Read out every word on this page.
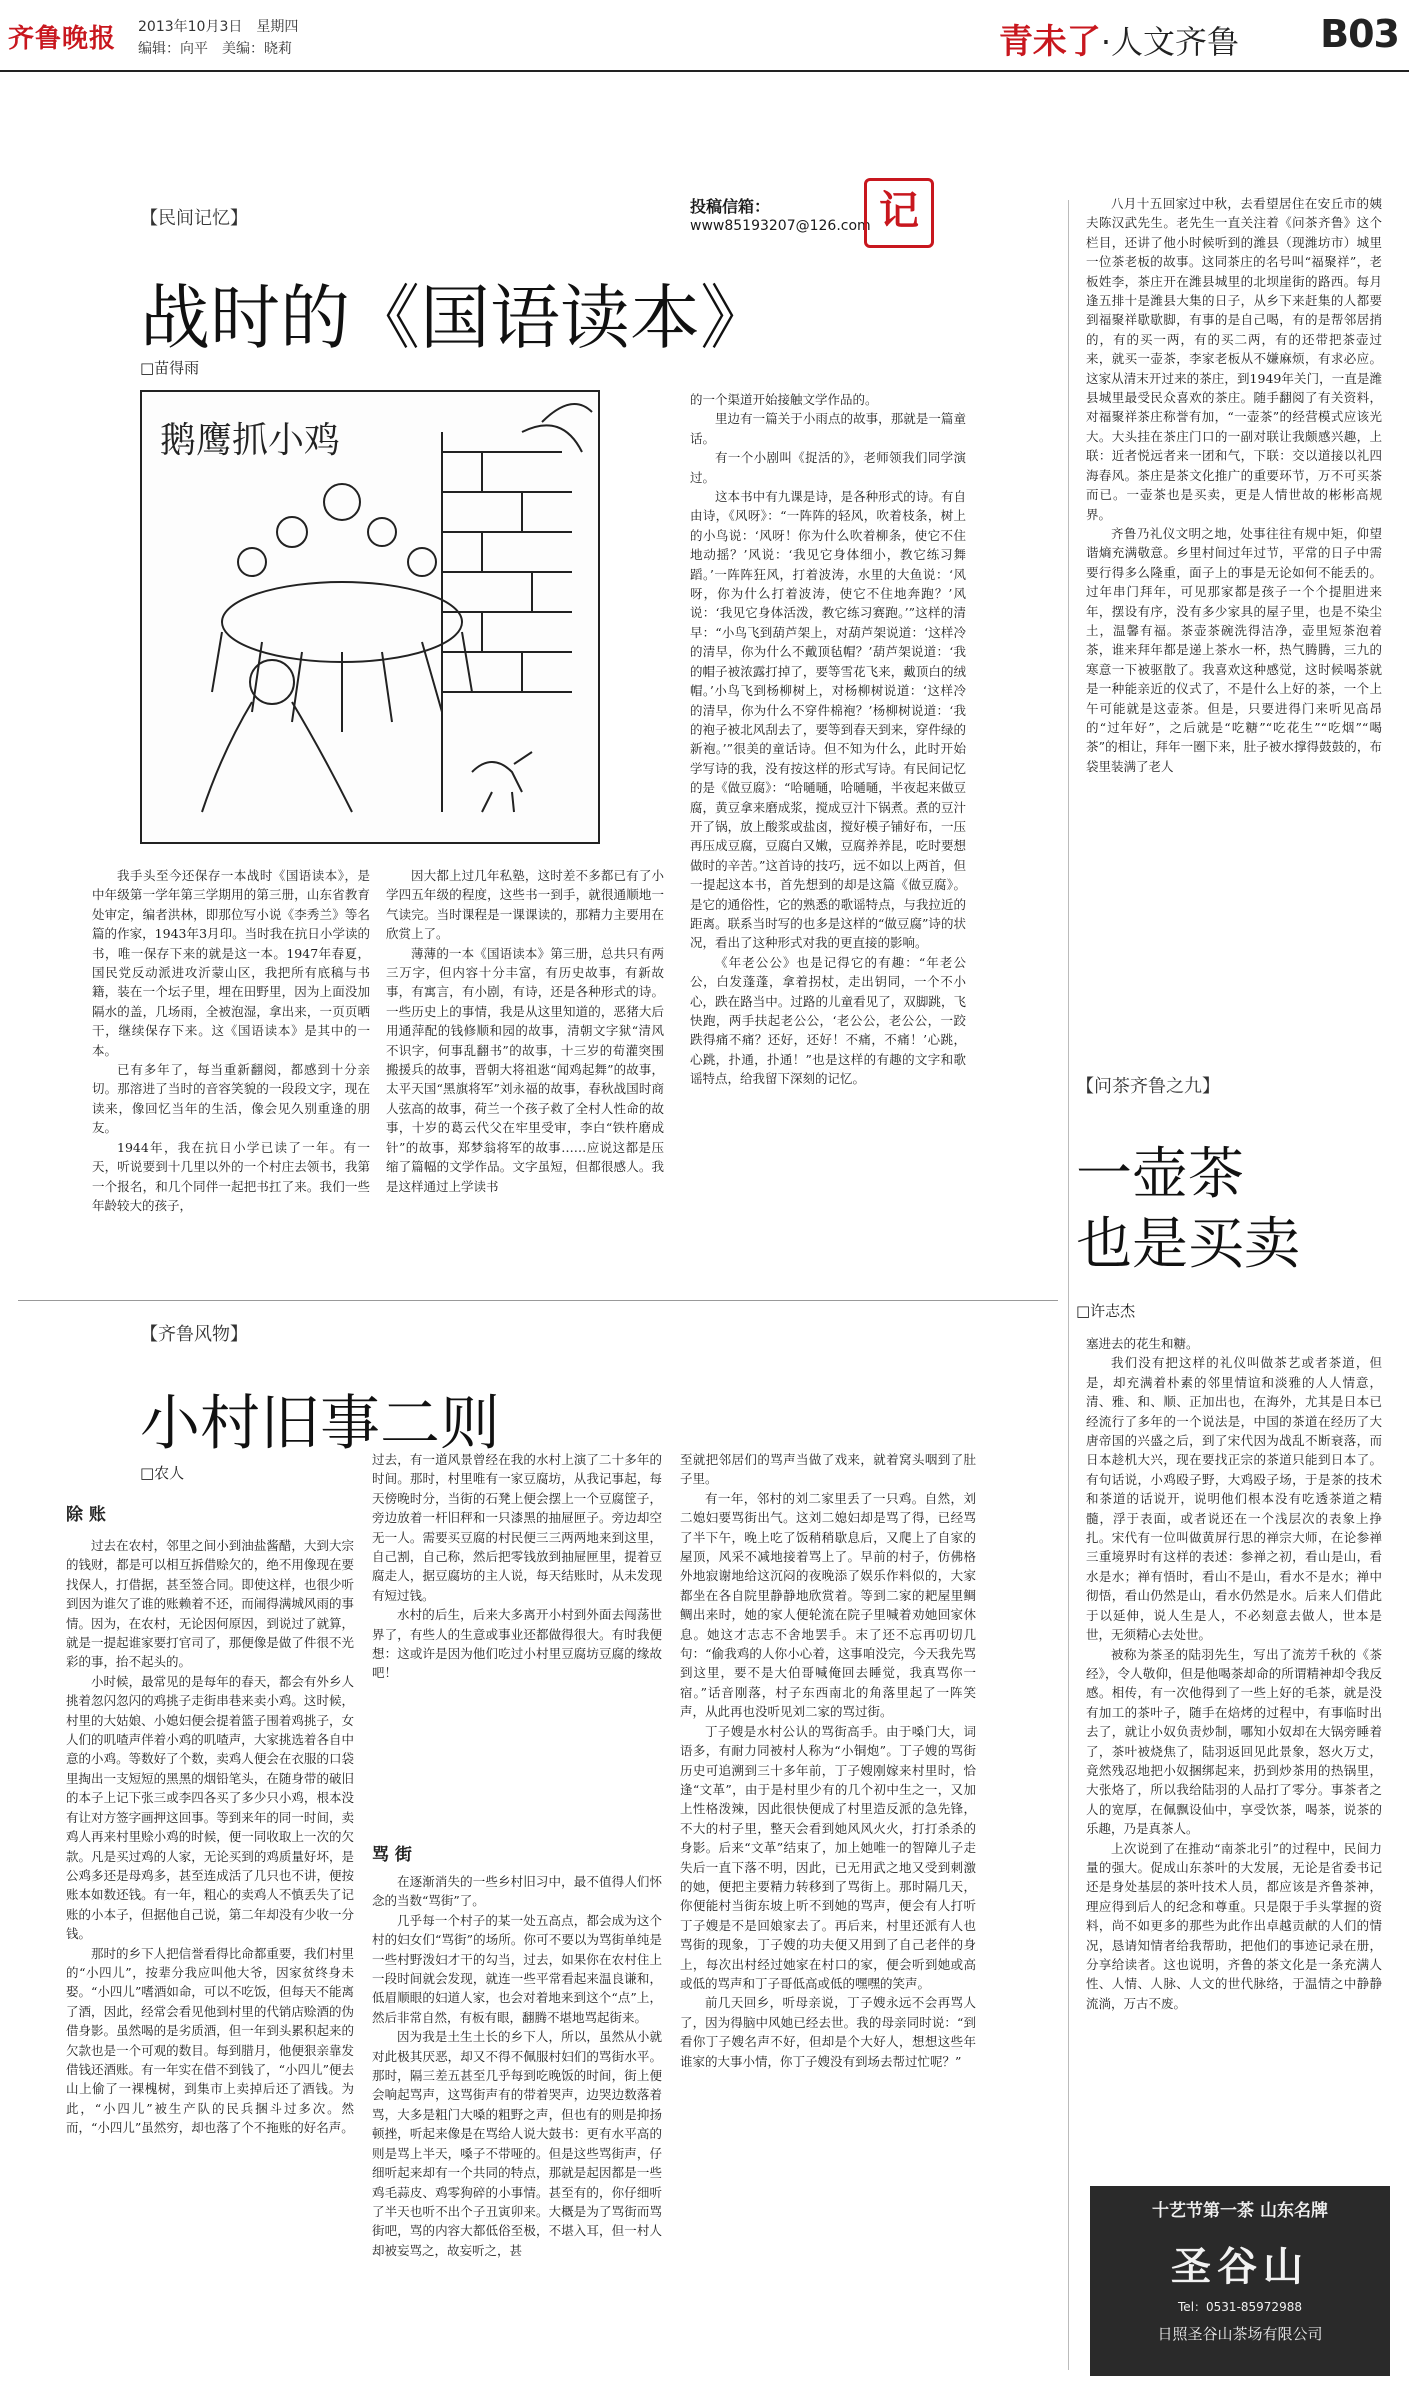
齐鲁晚报 2013年10月3日　星期四
编辑：向平　美编：晓莉	青未了·人文齐鲁 B03
【民间记忆】
战时的《国语读本》
□苗得雨
投稿信箱：
www85193207@126.com 记
鹅鹰抓小鸡

我手头至今还保存一本战时《国语读本》，是中年级第一学年第三学期用的第三册，山东省教育处审定，编者洪林，即那位写小说《李秀兰》等名篇的作家，1943年3月印。当时我在抗日小学读的书，唯一保存下来的就是这一本。1947年春夏，国民党反动派进攻沂蒙山区，我把所有底稿与书籍，装在一个坛子里，埋在田野里，因为上面没加隔水的盖，几场雨，全被泡湿，拿出来，一页页晒干，继续保存下来。这《国语读本》是其中的一本。

已有多年了，每当重新翻阅，都感到十分亲切。那溶进了当时的音容笑貌的一段段文字，现在读来，像回忆当年的生活，像会见久别重逢的朋友。

1944年，我在抗日小学已读了一年。有一天，听说要到十几里以外的一个村庄去领书，我第一个报名，和几个同伴一起把书扛了来。我们一些年龄较大的孩子，

因大都上过几年私塾，这时差不多都已有了小学四五年级的程度，这些书一到手，就很通顺地一气读完。当时课程是一课课读的，那精力主要用在欣赏上了。

薄薄的一本《国语读本》第三册，总共只有两三万字，但内容十分丰富，有历史故事，有新故事，有寓言，有小剧，有诗，还是各种形式的诗。一些历史上的事情，我是从这里知道的，恶猪大后用通萍配的钱修顺和园的故事，清朝文字狱“清风不识字，何事乱翻书”的故事，十三岁的荀灌突围搬援兵的故事，晋朝大将祖逖“闻鸡起舞”的故事，太平天国“黑旗将军”刘永福的故事，春秋战国时商人弦高的故事，荷兰一个孩子救了全村人性命的故事，十岁的葛云代父在牢里受审，李白“铁杵磨成针”的故事，郑梦翁将军的故事……应说这都是压缩了篇幅的文学作品。文字虽短，但都很感人。我是这样通过上学读书

的一个渠道开始接触文学作品的。

里边有一篇关于小雨点的故事，那就是一篇童话。

有一个小剧叫《捉活的》，老师领我们同学演过。

这本书中有九课是诗，是各种形式的诗。有自由诗，《风呀》：“一阵阵的轻风，吹着枝条，树上的小鸟说：‘风呀！你为什么吹着柳条，使它不住地动摇？’风说：‘我见它身体细小，教它练习舞蹈。’一阵阵狂风，打着波涛，水里的大鱼说：‘风呀，你为什么打着波涛，使它不住地奔跑？’风说：‘我见它身体活泼，教它练习赛跑。’”这样的清早：“小鸟飞到葫芦架上，对葫芦架说道：‘这样冷的清早，你为什么不戴顶毡帽？’葫芦架说道：‘我的帽子被浓露打掉了，要等雪花飞来，戴顶白的绒帽。’小鸟飞到杨柳树上，对杨柳树说道：‘这样冷的清早，你为什么不穿件棉袍？’杨柳树说道：‘我的袍子被北风刮去了，要等到春天到来，穿件绿的新袍。’”很美的童话诗。但不知为什么，此时开始学写诗的我，没有按这样的形式写诗。有民间记忆的是《做豆腐》：“哈嗵嗵，哈嗵嗵，半夜起来做豆腐，黄豆拿来磨成浆，搅成豆汁下锅煮。煮的豆汁开了锅，放上酸浆或盐卤，搅好模子铺好布，一压再压成豆腐，豆腐白又嫩，豆腐养养昆，吃时要想做时的辛苦。”这首诗的技巧，远不如以上两首，但一提起这本书，首先想到的却是这篇《做豆腐》。是它的通俗性，它的熟悉的歌谣特点，与我拉近的距离。联系当时写的也多是这样的“做豆腐”诗的状况，看出了这种形式对我的更直接的影响。

《年老公公》也是记得它的有趣：“年老公公，白发蓬蓬，拿着拐杖，走出钥同，一个不小心，跌在路当中。过路的儿童看见了，双脚跳，飞快跑，两手扶起老公公，‘老公公，老公公，一跤跌得痛不痛？还好，还好！不痛，不痛！’心跳，心跳，扑通，扑通！”也是这样的有趣的文字和歌谣特点，给我留下深刻的记忆。

【齐鲁风物】
小村旧事二则
□农人
除 账
骂 街

过去在农村，邻里之间小到油盐酱醋，大到大宗的钱财，都是可以相互拆借赊欠的，绝不用像现在要找保人，打借据，甚至签合同。即使这样，也很少听到因为谁欠了谁的账赖着不还，而闹得满城风雨的事情。因为，在农村，无论因何原因，到说过了就算，就是一提起谁家要打官司了，那便像是做了件很不光彩的事，抬不起头的。

小时候，最常见的是每年的春天，都会有外乡人挑着忽闪忽闪的鸡挑子走街串巷来卖小鸡。这时候，村里的大姑娘、小媳妇便会提着篮子围着鸡挑子，女人们的叽喳声伴着小鸡的叽喳声，大家挑选着各自中意的小鸡。等数好了个数，卖鸡人便会在衣服的口袋里掏出一支短短的黑黑的烟铅笔头，在随身带的破旧的本子上记下张三或李四各买了多少只小鸡，根本没有让对方签字画押这回事。等到来年的同一时间，卖鸡人再来村里赊小鸡的时候，便一同收取上一次的欠款。凡是买过鸡的人家，无论买到的鸡质量好坏，是公鸡多还是母鸡多，甚至连成活了几只也不讲，便按账本如数还钱。有一年，粗心的卖鸡人不慎丢失了记账的小本子，但据他自己说，第二年却没有少收一分钱。

那时的乡下人把信誉看得比命都重要，我们村里的“小四儿”，按辈分我应叫他大爷，因家贫终身未娶。“小四儿”嗜酒如命，可以不吃饭，但每天不能离了酒，因此，经常会看见他到村里的代销店赊酒的伪借身影。虽然喝的是劣质酒，但一年到头累积起来的欠款也是一个可观的数目。每到腊月，他便狠亲靠发借钱还酒账。有一年实在借不到钱了，“小四儿”便去山上偷了一裸槐树，到集市上卖掉后还了酒钱。为此，“小四儿”被生产队的民兵捆斗过多次。然而，“小四儿”虽然穷，却也落了个不拖账的好名声。

过去，有一道风景曾经在我的水村上演了二十多年的时间。那时，村里唯有一家豆腐坊，从我记事起，每天傍晚时分，当街的石凳上便会摆上一个豆腐筐子，旁边放着一杆旧秤和一只漆黑的抽屉匣子。旁边却空无一人。需要买豆腐的村民便三三两两地来到这里，自己割，自己称，然后把零钱放到抽屉匣里，提着豆腐走人，据豆腐坊的主人说，每天结账时，从未发现有短过钱。

水村的后生，后来大多离开小村到外面去闯荡世界了，有些人的生意或事业还都做得很大。有时我便想：这或许是因为他们吃过小村里豆腐坊豆腐的缘故吧！

在逐渐消失的一些乡村旧习中，最不值得人们怀念的当数“骂街”了。

几乎每一个村子的某一处五高点，都会成为这个村的妇女们“骂街”的场所。你可不要以为骂街单纯是一些村野泼妇才干的勾当，过去，如果你在农村住上一段时间就会发现，就连一些平常看起来温良谦和，低眉顺眼的妇道人家，也会对着地来到这个“点”上，然后非常自然，有板有眼，翻腾不堪地骂起街来。

因为我是土生土长的乡下人，所以，虽然从小就对此极其厌恶，却又不得不佩服村妇们的骂街水平。那时，隔三差五甚至几乎每到吃晚饭的时间，街上便会响起骂声，这骂街声有的带着哭声，边哭边数落着骂，大多是粗门大嗓的粗野之声，但也有的则是抑扬顿挫，听起来像是在骂给人说大鼓书：更有水平高的则是骂上半天，嗓子不带哑的。但是这些骂街声，仔细听起来却有一个共同的特点，那就是起因都是一些鸡毛蒜皮、鸡零狗碎的小事情。甚至有的，你仔细听了半天也听不出个子丑寅卯来。大概是为了骂街而骂街吧，骂的内容大都低俗至极，不堪入耳，但一村人却被妄骂之，故妄听之，甚

至就把邻居们的骂声当做了戏来，就着窝头咽到了肚子里。

有一年，邻村的刘二家里丢了一只鸡。自然，刘二媳妇要骂街出气。这刘二媳妇却是骂了得，已经骂了半下午，晚上吃了饭稍稍歇息后，又爬上了自家的屋顶，风采不减地接着骂上了。早前的村子，仿佛格外地寂谢地给这沉闷的夜晚添了娱乐作料似的，大家都坐在各自院里静静地欣赏着。等到二家的耙屋里鲷鲷出来时，她的家人便轮流在院子里喊着劝她回家休息。她这才志志不舍地罢手。末了还不忘再叨切几句：“偷我鸡的人你小心着，这事咱没完，今天我先骂到这里，要不是大伯哥喊俺回去睡觉，我真骂你一宿。”话音刚落，村子东西南北的角落里起了一阵笑声，从此再也没听见刘二家的骂过街。

丁子嫂是水村公认的骂街高手。由于嗓门大，词语多，有耐力同被村人称为“小铜炮”。丁子嫂的骂街历史可追溯到三十多年前，丁子嫂刚嫁来村里时，恰逢“文革”，由于是村里少有的几个初中生之一，又加上性格泼辣，因此很快便成了村里造反派的急先锋，不大的村子里，整天会看到她风风火火，打打杀杀的身影。后来“文革”结束了，加上她唯一的智障儿子走失后一直下落不明，因此，已无用武之地又受到刺激的她，便把主要精力转移到了骂街上。那时隔几天，你便能村当街东坡上听不到她的骂声，便会有人打听丁子嫂是不是回娘家去了。再后来，村里还派有人也骂街的现象，丁子嫂的功夫便又用到了自己老伴的身上，每次出村经过她家在村口的家，便会听到她或高或低的骂声和丁子哥低高或低的嘿嘿的笑声。

前几天回乡，听母亲说，丁子嫂永远不会再骂人了，因为得脑中风她已经去世。我的母亲同时说：“到看你丁子嫂名声不好，但却是个大好人，想想这些年谁家的大事小情，你丁子嫂没有到场去帮过忙呢？”

八月十五回家过中秋，去看望居住在安丘市的姨夫陈汉武先生。老先生一直关注着《问茶齐鲁》这个栏目，还讲了他小时候听到的潍县（现潍坊市）城里一位茶老板的故事。这同茶庄的名号叫“福聚祥”，老板姓李，茶庄开在潍县城里的北坝崖街的路西。每月逢五排十是潍县大集的日子，从乡下来赶集的人都要到福聚祥歇歇脚，有事的是自己喝，有的是帮邻居捎的，有的买一两，有的买二两，有的还带把茶壶过来，就买一壶茶，李家老板从不嫌麻烦，有求必应。这家从清末开过来的茶庄，到1949年关门，一直是潍县城里最受民众喜欢的茶庄。随手翻阅了有关资料，对福聚祥茶庄称誉有加，“一壶茶”的经营模式应该光大。大头挂在茶庄门口的一副对联让我颇感兴趣，上联：近者悦远者来一团和气，下联：交以道接以礼四海春风。茶庄是茶文化推广的重要环节，万不可买茶而已。一壶茶也是买卖，更是人情世故的彬彬高规界。

齐鲁乃礼仪文明之地，处事往往有规中矩，仰望谐熵充满敬意。乡里村间过年过节，平常的日子中需要行得多么隆重，面子上的事是无论如何不能丢的。过年串门拜年，可见那家都是孩子一个个提胆进来年，摆设有序，没有多少家具的屋子里，也是不染尘土，温馨有福。茶壶茶碗洗得洁净，壶里短茶泡着茶，谁来拜年都是递上茶水一杯，热气腾腾，三九的寒意一下被驱散了。我喜欢这种感觉，这时候喝茶就是一种能亲近的仪式了，不是什么上好的茶，一个上午可能就是这壶茶。但是，只要进得门来听见高昂的“过年好”，之后就是“吃糖”“吃花生”“吃烟”“喝茶”的相让，拜年一圈下来，肚子被水撑得鼓鼓的，布袋里装满了老人

【问茶齐鲁之九】
一壶茶
也是买卖
□许志杰

塞进去的花生和糖。

我们没有把这样的礼仪叫做茶艺或者茶道，但是，却充满着朴素的邻里情谊和淡雅的人人情意，清、雅、和、顺、正加出也，在海外，尤其是日本已经流行了多年的一个说法是，中国的茶道在经历了大唐帝国的兴盛之后，到了宋代因为战乱不断衰落，而日本趁机大兴，现在要找正宗的茶道只能到日本了。有句话说，小鸡殴子野，大鸡殴子场，于是茶的技术和茶道的话说开，说明他们根本没有吃透茶道之精髓，浮于表面，或者说还在一个浅层次的表象上挣扎。宋代有一位叫做黄屏行思的禅宗大师，在论参禅三重境界时有这样的表述：参禅之初，看山是山，看水是水；禅有悟时，看山不是山，看水不是水；禅中彻悟，看山仍然是山，看水仍然是水。后来人们借此于以延伸，说人生是人，不必刻意去做人，世本是世，无须精心去处世。

被称为茶圣的陆羽先生，写出了流芳千秋的《茶经》，令人敬仰，但是他喝茶却命的所谓精神却令我反感。相传，有一次他得到了一些上好的毛茶，就是没有加工的茶叶子，随手在焙烤的过程中，有事临时出去了，就让小奴负责炒制，哪知小奴却在大锅旁睡着了，茶叶被烧焦了，陆羽返回见此景象，怒火万丈，竟然残忍地把小奴捆绑起来，扔到炒茶用的热锅里，大张烙了，所以我给陆羽的人品打了零分。事茶者之人的宽厚，在佩飘设仙中，享受饮茶，喝茶，说茶的乐趣，乃是真茶人。

上次说到了在推动“南茶北引”的过程中，民间力量的强大。促成山东茶叶的大发展，无论是省委书记还是身处基层的茶叶技术人员，都应该是齐鲁茶神，理应得到后人的纪念和尊重。只是限于手头掌握的资料，尚不如更多的那些为此作出卓越贡献的人们的情况，恳请知情者给我帮助，把他们的事迹记录在册，分享给读者。这也说明，齐鲁的茶文化是一条充满人性、人情、人脉、人文的世代脉络，于温情之中静静流淌，万古不废。

十艺节第一茶 山东名牌
圣谷山
Tel：0531-85972988
日照圣谷山茶场有限公司
